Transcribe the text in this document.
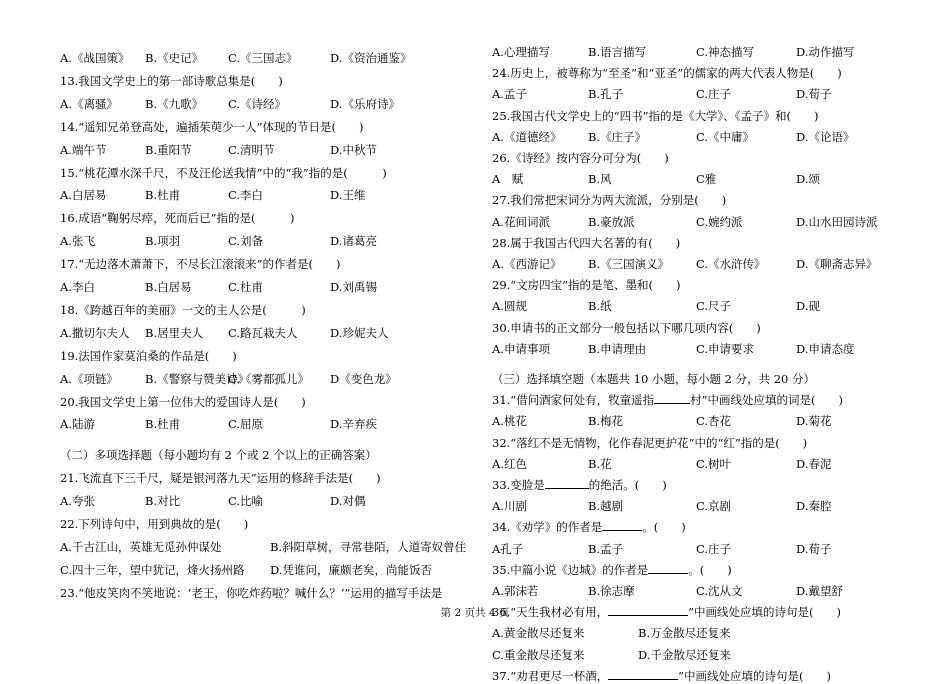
A.《战国策》 B.《史记》 C.《三国志》	D.《资治通鉴》
13.我国文学史上的第一部诗歌总集是(　　)
A.《离骚》 B.《九歌》 C.《诗经》	D.《乐府诗》
14.“遥知兄弟登高处，遍插茱萸少一人”体现的节日是(　　)
A.端午节	B.重阳节	C.清明节	D.中秋节
15.“桃花潭水深千尺，不及汪伦送我情”中的“我”指的是(　　　)
A.白居易	B.杜甫	C.李白	D.王维
16.成语“鞠躬尽瘁，死而后已”指的是(　　　)
A.张飞	B.项羽	C.刘备	D.诸葛亮
17.“无边落木萧萧下，不尽长江滚滚来”的作者是(　　)
A.李白	B.白居易	C.杜甫	D.刘禹锡
18.《跨越百年的美丽》一文的主人公是(　　　)
A.撒切尔夫人 B.居里夫人 C.路瓦栽夫人	D.珍妮夫人
19.法国作家莫泊桑的作品是(　　)
A.《项链》 B.《警察与赞美诗》
C.《雾都孤儿》 D《变色龙》
20.我国文学史上第一位伟大的爱国诗人是(　　)
A.陆游	B.杜甫	C.屈原	D.辛弃疾
（二）多项选择题（每小题均有 2 个或 2 个以上的正确答案）
21.飞流直下三千尺，疑是银河落九天”运用的修辞手法是(　　)
A.夸张	B.对比	C.比喻	D.对偶
22.下列诗句中，用到典故的是(　　)
A.千古江山，英雄无觅孙仲谋处	B.斜阳草树，寻常巷陌，人道寄奴曾住
C.四十三年，望中犹记，烽火扬州路 D.凭谁问，廉颇老矣，尚能饭否
23.“他皮笑肉不笑地说：‘老王，你吃炸药啦？喊什么？’”运用的描写手法是
A.心理描写	B.语言描写	C.神态描写	D.动作描写
24.历史上，被尊称为“至圣”和“亚圣”的儒家的两大代表人物是(　　)
A.孟子	B.孔子	C.庄子	D.荀子
25.我国古代文学史上的“四书”指的是《大学》、《孟子》和(　　)
A.《道德经》 B.《庄子》	C.《中庸》	D.《论语》
26.《诗经》按内容分可分为(　　)
A　赋	B.风	C雅	D.颂
27.我们常把宋词分为两大流派，分别是(　　)
A.花间词派	B.豪放派	C.婉约派	D.山水田园诗派
28.属于我国古代四大名著的有(　　)
A.《西游记》 B.《三国演义》 C.《水浒传》	D.《聊斋志异》
29.“文房四宝”指的是笔、墨和(　　)
A.圆规	B.纸	C.尺子	D.砚
30.申请书的正文部分一般包括以下哪几项内容(　　)
A.申请事项	B.申请理由	C.申请要求	D.申请态度
（三）选择填空题（本题共 10 小题，每小题 2 分，共 20 分）
31.“借问酒家何处有，牧童遥指	村”中画线处应填的词是(　　)
A.桃花	B.梅花	C.杏花	D.菊花
32.“落红不是无情物，化作春泥更护花”中的“红”指的是(　　)
A.红色	B.花	C.树叶	D.春泥
33.变脸是	的绝活。(　　)
A.川剧	B.越剧	C.京剧	D.秦腔
34.《劝学》的作者是	。(　　)
A孔子	B.孟子	C.庄子	D.荀子
35.中篇小说《边城》的作者是	。(　　)
A.郭沫若	B.徐志摩	C.沈从文	D.戴望舒
36.“天生我材必有用，	”中画线处应填的诗句是(　　)
A.黄金散尽还复来	B.万金散尽还复来
C.重金散尽还复来	D.千金散尽还复来
37.“劝君更尽一杯酒，	”中画线处应填的诗句是(　　)
第 2 页共 4 页
